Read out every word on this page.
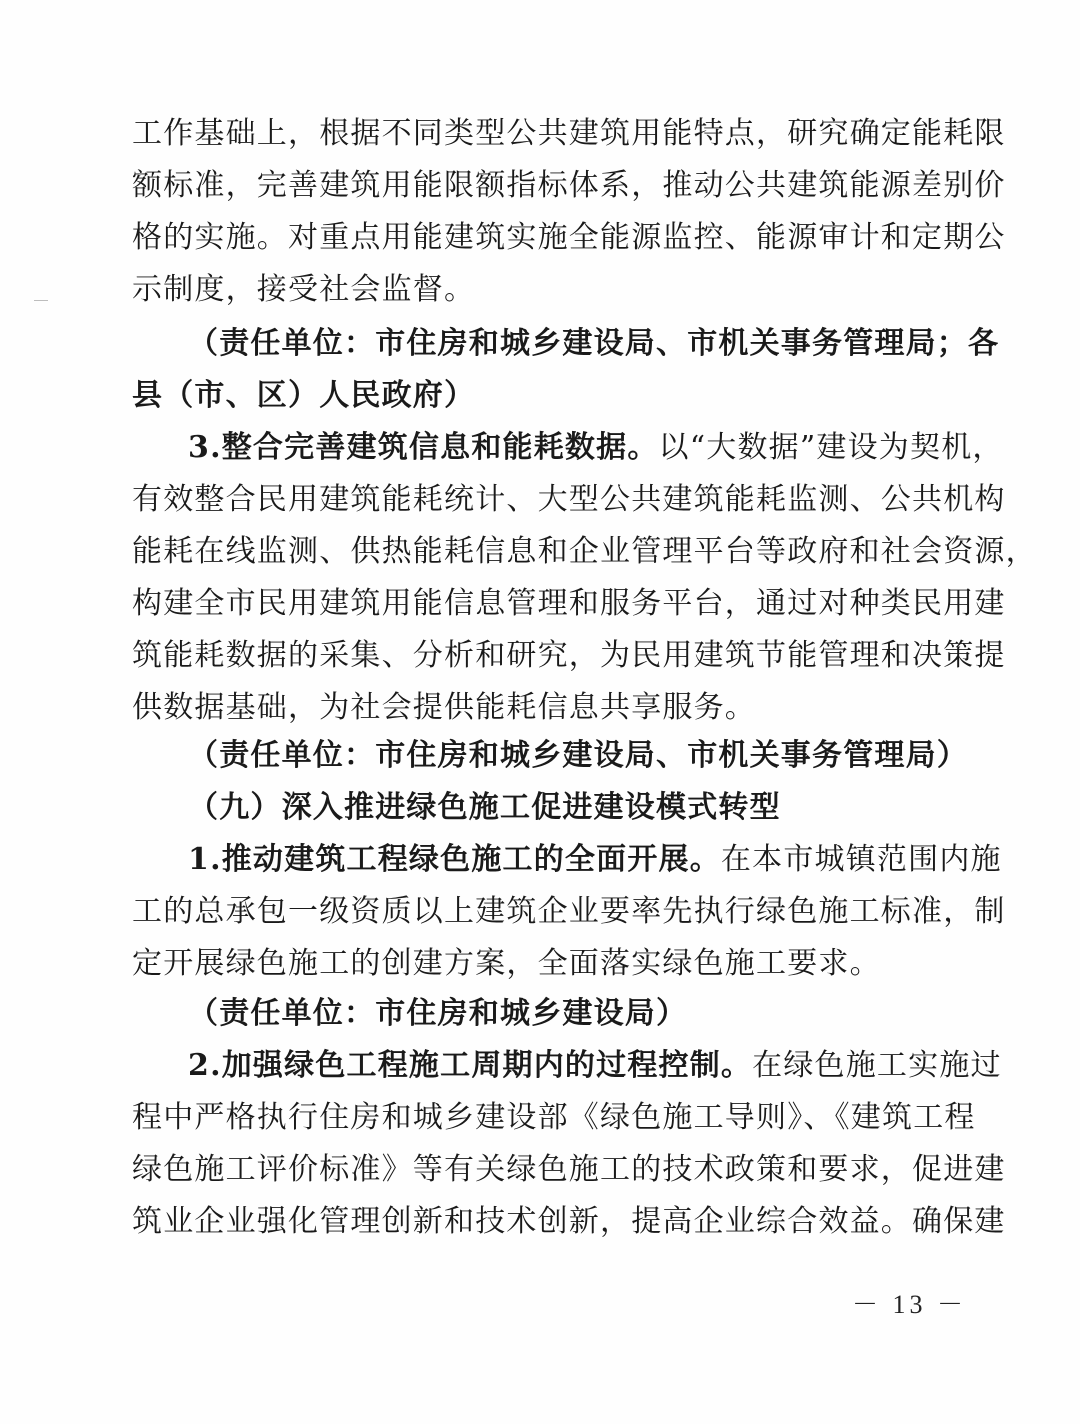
工作基础上，根据不同类型公共建筑用能特点，研究确定能耗限
额标准，完善建筑用能限额指标体系，推动公共建筑能源差别价
格的实施。对重点用能建筑实施全能源监控、能源审计和定期公
示制度，接受社会监督。
（责任单位：市住房和城乡建设局、市机关事务管理局；各
县（市、区）人民政府）
3.整合完善建筑信息和能耗数据。以“大数据”建设为契机，
有效整合民用建筑能耗统计、大型公共建筑能耗监测、公共机构
能耗在线监测、供热能耗信息和企业管理平台等政府和社会资源，
构建全市民用建筑用能信息管理和服务平台，通过对种类民用建
筑能耗数据的采集、分析和研究，为民用建筑节能管理和决策提
供数据基础，为社会提供能耗信息共享服务。
（责任单位：市住房和城乡建设局、市机关事务管理局）
（九）深入推进绿色施工促进建设模式转型
1.推动建筑工程绿色施工的全面开展。在本市城镇范围内施
工的总承包一级资质以上建筑企业要率先执行绿色施工标准，制
定开展绿色施工的创建方案，全面落实绿色施工要求。
（责任单位：市住房和城乡建设局）
2.加强绿色工程施工周期内的过程控制。在绿色施工实施过
程中严格执行住房和城乡建设部《绿色施工导则》、《建筑工程
绿色施工评价标准》等有关绿色施工的技术政策和要求，促进建
筑业企业强化管理创新和技术创新，提高企业综合效益。确保建
－ 13 －
